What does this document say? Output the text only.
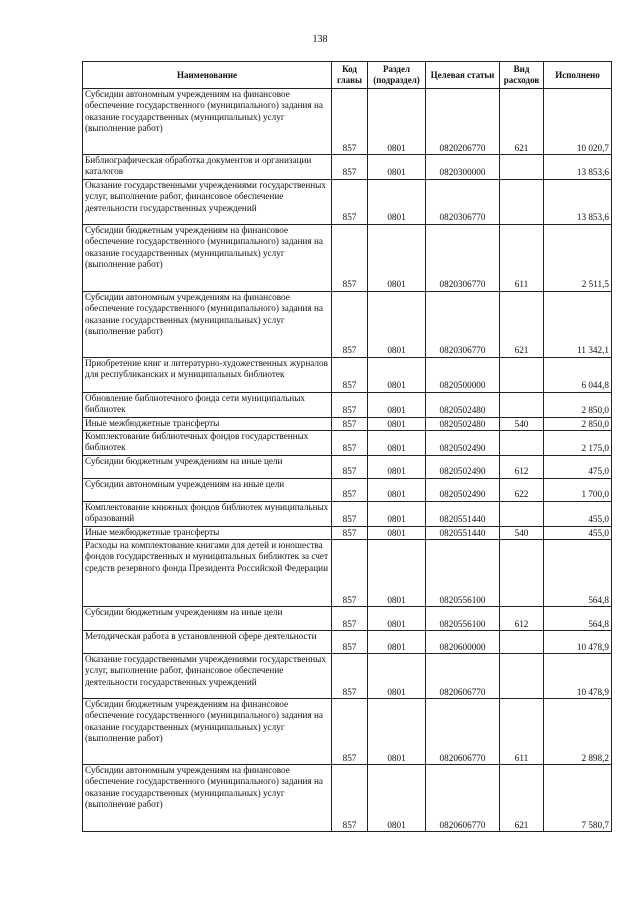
138
Наименование	Код главы	Раздел (подраздел)	Целевая статьи	Вид расходов	Исполнено
Субсидии автономным учреждениям на финансовое обеспечение государственного (муниципального) задания на оказание государственных (муниципальных) услуг (выполнение работ)	857	0801	0820206770	621	10 020,7
Библиографическая обработка документов и организации каталогов	857	0801	0820300000		13 853,6
Оказание государственными учреждениями государственных услуг, выполнение работ, финансовое обеспечение деятельности государственных учреждений	857	0801	0820306770		13 853,6
Субсидии бюджетным учреждениям на финансовое обеспечение государственного (муниципального) задания на оказание государственных (муниципальных) услуг (выполнение работ)	857	0801	0820306770	611	2 511,5
Субсидии автономным учреждениям на финансовое обеспечение государственного (муниципального) задания на оказание государственных (муниципальных) услуг (выполнение работ)	857	0801	0820306770	621	11 342,1
Приобретение книг и литературно-художественных журналов для республиканских и муниципальных библиотек	857	0801	0820500000		6 044,8
Обновление библиотечного фонда сети муниципальных библиотек	857	0801	0820502480		2 850,0
Иные межбюджетные трансферты	857	0801	0820502480	540	2 850,0
Комплектование библиотечных фондов государственных библиотек	857	0801	0820502490		2 175,0
Субсидии бюджетным учреждениям на иные цели	857	0801	0820502490	612	475,0
Субсидии автономным учреждениям на иные цели	857	0801	0820502490	622	1 700,0
Комплектование книжных фондов библиотек муниципальных образований	857	0801	0820551440		455,0
Иные межбюджетные трансферты	857	0801	0820551440	540	455,0
Расходы на комплектование книгами для детей и юношества фондов государственных и муниципальных библиотек за счет средств резервного фонда Президента Российской Федерации	857	0801	0820556100		564,8
Субсидии бюджетным учреждениям на иные цели	857	0801	0820556100	612	564,8
Методическая работа в установленной сфере деятельности	857	0801	0820600000		10 478,9
Оказание государственными учреждениями государственных услуг, выполнение работ, финансовое обеспечение деятельности государственных учреждений	857	0801	0820606770		10 478,9
Субсидии бюджетным учреждениям на финансовое обеспечение государственного (муниципального) задания на оказание государственных (муниципальных) услуг (выполнение работ)	857	0801	0820606770	611	2 898,2
Субсидии автономным учреждениям на финансовое обеспечение государственного (муниципального) задания на оказание государственных (муниципальных) услуг (выполнение работ)	857	0801	0820606770	621	7 580,7
